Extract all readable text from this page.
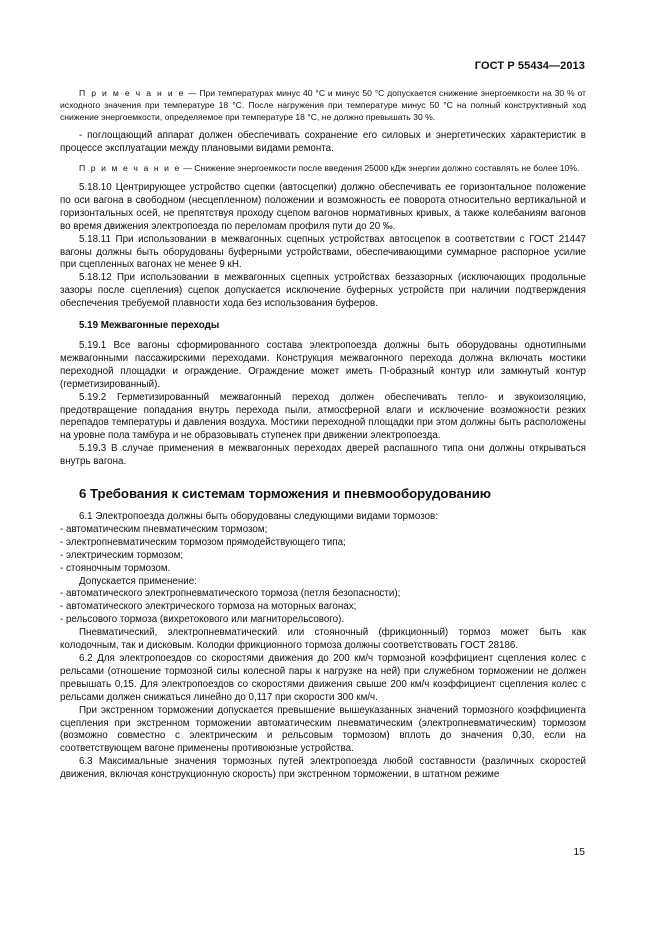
ГОСТ Р 55434—2013

П р и м е ч а н и е — При температурах минус 40 °С и минус 50 °С допускается снижение энергоемкости на 30 % от исходного значения при температуре 18 °С. После нагружения при температуре минус 50 °С на полный конструктивный ход снижение энергоемкости, определяемое при температуре 18 °С, не должно превышать 30 %.

- поглощающий аппарат должен обеспечивать сохранение его силовых и энергетических характеристик в процессе эксплуатации между плановыми видами ремонта.

П р и м е ч а н и е — Снижение энергоемкости после введения 25000 кДж энергии должно составлять не более 10%.

5.18.10 Центрирующее устройство сцепки (автосцепки) должно обеспечивать ее горизонтальное положение по оси вагона в свободном (несцепленном) положении и возможность ее поворота относительно вертикальной и горизонтальных осей, не препятствуя проходу сцепом вагонов нормативных кривых, а также колебаниям вагонов во время движения электропоезда по переломам профиля пути до 20 ‰.

5.18.11 При использовании в межвагонных сцепных устройствах автосцепок в соответствии с ГОСТ 21447 вагоны должны быть оборудованы буферными устройствами, обеспечивающими суммарное распорное усилие при сцепленных вагонах не менее 9 кН.

5.18.12 При использовании в межвагонных сцепных устройствах беззазорных (исключающих продольные зазоры после сцепления) сцепок допускается исключение буферных устройств при наличии подтверждения обеспечения требуемой плавности хода без использования буферов.

5.19 Межвагонные переходы

5.19.1 Все вагоны сформированного состава электропоезда должны быть оборудованы однотипными межвагонными пассажирскими переходами. Конструкция межвагонного перехода должна включать мостики переходной площадки и ограждение. Ограждение может иметь П-образный контур или замкнутый контур (герметизированный).

5.19.2 Герметизированный межвагонный переход должен обеспечивать тепло- и звукоизоляцию, предотвращение попадания внутрь перехода пыли, атмосферной влаги и исключение возможности резких перепадов температуры и давления воздуха. Мостики переходной площадки при этом должны быть расположены на уровне пола тамбура и не образовывать ступенек при движении электропоезда.

5.19.3 В случае применения в межвагонных переходах дверей распашного типа они должны открываться внутрь вагона.

6 Требования к системам торможения и пневмооборудованию

6.1 Электропоезда должны быть оборудованы следующими видами тормозов:

- автоматическим пневматическим тормозом;

- электропневматическим тормозом прямодействующего типа;

- электрическим тормозом;

- стояночным тормозом.

Допускается применение:

- автоматического электропневматического тормоза (петля безопасности);

- автоматического электрического тормоза на моторных вагонах;

- рельсового тормоза (вихретокового или магниторельсового).

Пневматический, электропневматический или стояночный (фрикционный) тормоз может быть как колодочным, так и дисковым. Колодки фрикционного тормоза должны соответствовать ГОСТ 28186.

6.2 Для электропоездов со скоростями движения до 200 км/ч тормозной коэффициент сцепления колес с рельсами (отношение тормозной силы колесной пары к нагрузке на ней) при служебном торможении не должен превышать 0,15. Для электропоездов со скоростями движения свыше 200 км/ч коэффициент сцепления колес с рельсами должен снижаться линейно до 0,117 при скорости 300 км/ч.

При экстренном торможении допускается превышение вышеуказанных значений тормозного коэффициента сцепления при экстренном торможении автоматическим пневматическим (электропневматическим) тормозом (возможно совместно с электрическим и рельсовым тормозом) вплоть до значения 0,30, если на соответствующем вагоне применены противоюзные устройства.

6.3 Максимальные значения тормозных путей электропоезда любой составности (различных скоростей движения, включая конструкционную скорость) при экстренном торможении, в штатном режиме

15
